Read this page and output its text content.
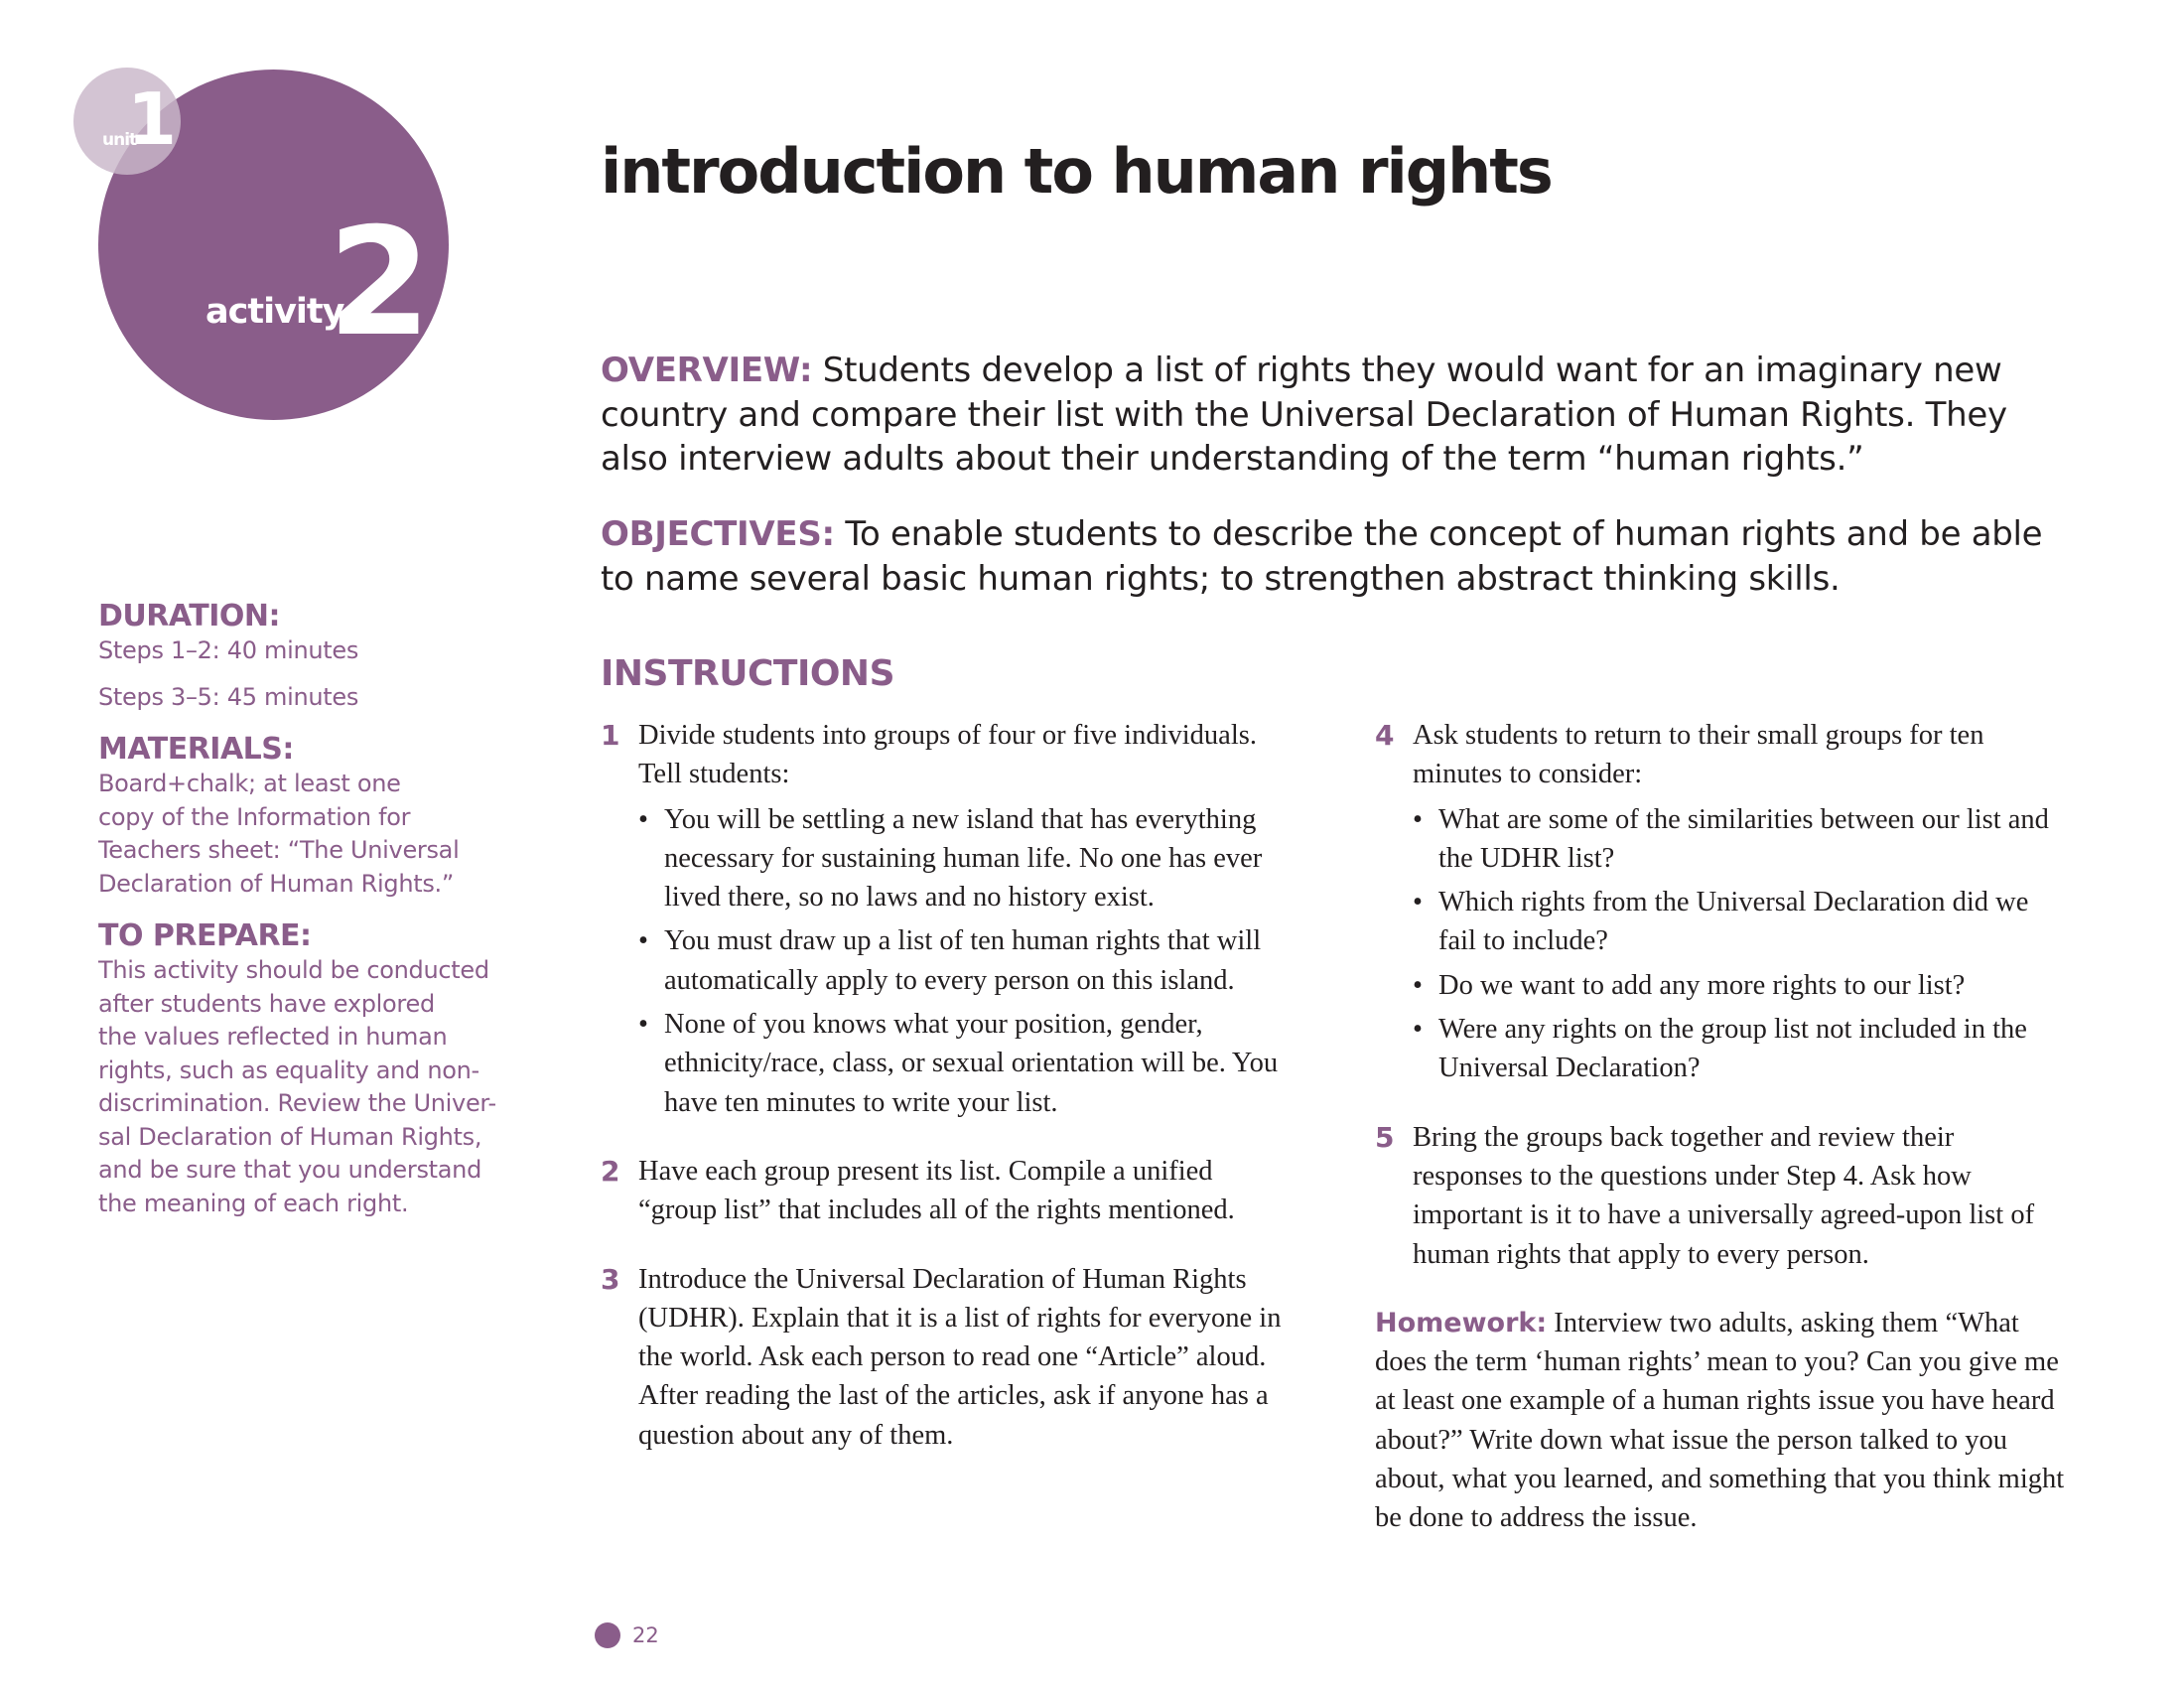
unit
1
activity
2
introduction to human rights
DURATION:
Steps 1–2: 40 minutes
Steps 3–5: 45 minutes
MATERIALS:
Board+chalk; at least one
copy of the Information for
Teachers sheet: “The Universal
Declaration of Human Rights.”
TO PREPARE:
This activity should be conducted
after students have explored
the values reflected in human
rights, such as equality and non-
discrimination. Review the Univer-
sal Declaration of Human Rights,
and be sure that you understand
the meaning of each right.

OVERVIEW: Students develop a list of rights they would want for an imaginary new country and compare their list with the Universal Declaration of Human Rights. They also interview adults about their understanding of the term “human rights.”

OBJECTIVES: To enable students to describe the concept of human rights and be able to name several basic human rights; to strengthen abstract thinking skills.

INSTRUCTIONS
1 Divide students into groups of four or five individuals. Tell students:
• You will be settling a new island that has everything necessary for sustaining human life. No one has ever lived there, so no laws and no history exist.
• You must draw up a list of ten human rights that will automatically apply to every person on this island.
• None of you knows what your position, gender, ethnicity/race, class, or sexual orientation will be. You have ten minutes to write your list.
2 Have each group present its list. Compile a unified “group list” that includes all of the rights mentioned.
3 Introduce the Universal Declaration of Human Rights (UDHR). Explain that it is a list of rights for everyone in the world. Ask each person to read one “Article” aloud. After reading the last of the articles, ask if anyone has a question about any of them.
4 Ask students to return to their small groups for ten minutes to consider:
• What are some of the similarities between our list and the UDHR list?
• Which rights from the Universal Declaration did we fail to include?
• Do we want to add any more rights to our list?
• Were any rights on the group list not included in the Universal Declaration?
5 Bring the groups back together and review their responses to the questions under Step 4. Ask how important is it to have a universally agreed-upon list of human rights that apply to every person.

Homework: Interview two adults, asking them “What does the term ‘human rights’ mean to you? Can you give me at least one example of a human rights issue you have heard about?” Write down what issue the person talked to you about, what you learned, and something that you think might be done to address the issue.

22
